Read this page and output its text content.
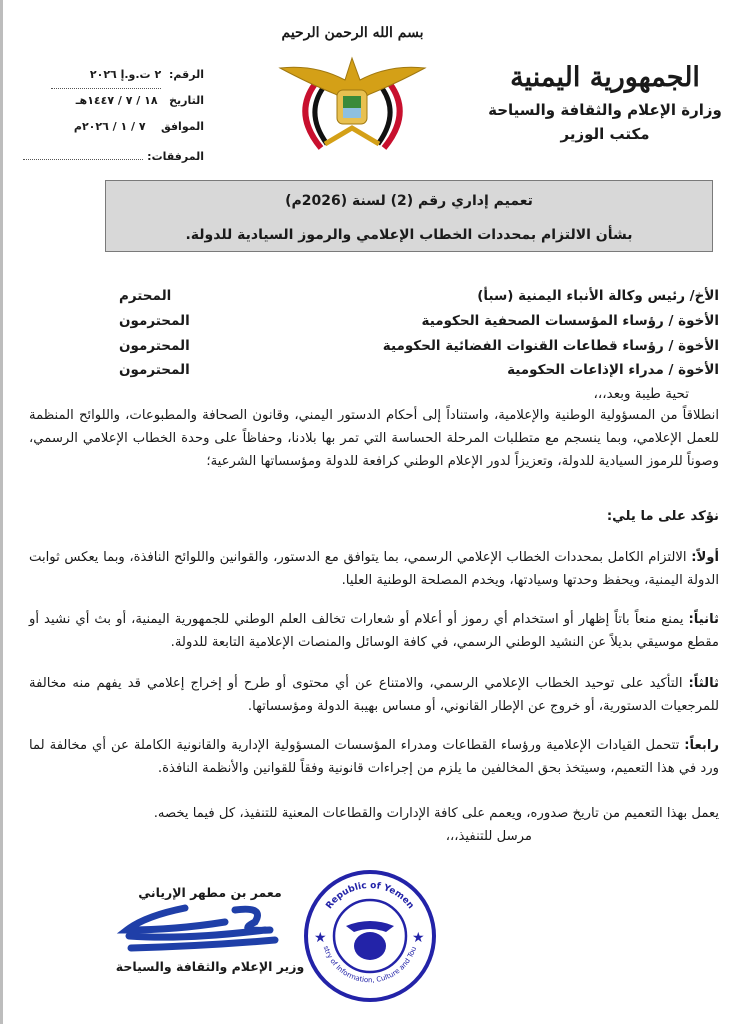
الجمهورية اليمنية
وزارة الإعلام والثقافة والسياحة
مكتب الوزير
بسم الله الرحمن الرحيم
الرقم: ٢ ت.و.إ ٢٠٢٦
التاريخ   ١٨ / ٧ / ١٤٤٧هـ
الموافق    ٧ / ١ / ٢٠٢٦م
المرفقات:
تعميم إداري رقم (2) لسنة (2026م)
بشأن الالتزام بمحددات الخطاب الإعلامي والرموز السيادية للدولة.
الأخ/ رئيس وكالة الأنباء اليمنية (سبأ)
المحترم
الأخوة / رؤساء المؤسسات الصحفية الحكومية
المحترمون
الأخوة / رؤساء قطاعات القنوات الفضائية الحكومية
المحترمون
الأخوة / مدراء الإذاعات الحكومية
المحترمون
تحية طيبة وبعد،،،
انطلاقاً من المسؤولية الوطنية والإعلامية، واستناداً إلى أحكام الدستور اليمني، وقانون الصحافة والمطبوعات، واللوائح المنظمة للعمل الإعلامي، وبما ينسجم مع متطلبات المرحلة الحساسة التي تمر بها بلادنا، وحفاظاً على وحدة الخطاب الإعلامي الرسمي، وصوناً للرموز السيادية للدولة، وتعزيزاً لدور الإعلام الوطني كرافعة للدولة ومؤسساتها الشرعية؛
نؤكد على ما يلي:
أولاً: الالتزام الكامل بمحددات الخطاب الإعلامي الرسمي، بما يتوافق مع الدستور، والقوانين واللوائح النافذة، وبما يعكس ثوابت الدولة اليمنية، ويحفظ وحدتها وسيادتها، ويخدم المصلحة الوطنية العليا.
ثانياً: يمنع منعاً باتاً إظهار أو استخدام أي رموز أو أعلام أو شعارات تخالف العلم الوطني للجمهورية اليمنية، أو بث أي نشيد أو مقطع موسيقي بديلاً عن النشيد الوطني الرسمي، في كافة الوسائل والمنصات الإعلامية التابعة للدولة.
ثالثاً: التأكيد على توحيد الخطاب الإعلامي الرسمي، والامتناع عن أي محتوى أو طرح أو إخراج إعلامي قد يفهم منه مخالفة للمرجعيات الدستورية، أو خروج عن الإطار القانوني، أو مساس بهيبة الدولة ومؤسساتها.
رابعاً: تتحمل القيادات الإعلامية ورؤساء القطاعات ومدراء المؤسسات المسؤولية الإدارية والقانونية الكاملة عن أي مخالفة لما ورد في هذا التعميم، وسيتخذ بحق المخالفين ما يلزم من إجراءات قانونية وفقاً للقوانين والأنظمة النافذة.
يعمل بهذا التعميم من تاريخ صدوره، ويعمم على كافة الإدارات والقطاعات المعنية للتنفيذ، كل فيما يخصه.
مرسل للتنفيذ،،،
معمر بن مطهر الإرياني
وزير الإعلام والثقافة والسياحة
Republic of Yemen
stry of Information, Culture and Tou
★	★
